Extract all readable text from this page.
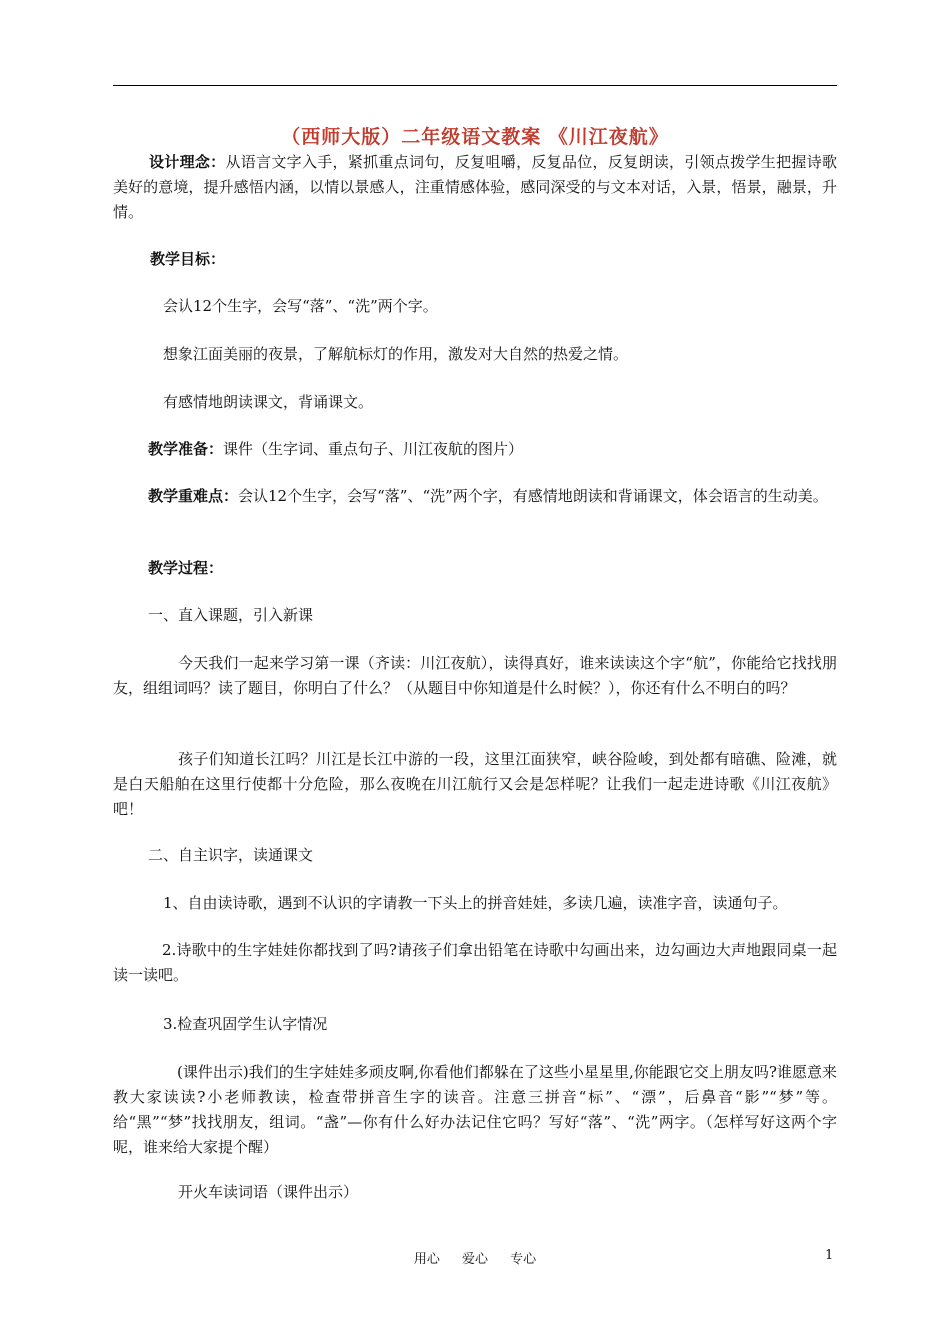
（西师大版）二年级语文教案 《川江夜航》

设计理念：从语言文字入手，紧抓重点词句，反复咀嚼，反复品位，反复朗读，引领点拨学生把握诗歌美好的意境，提升感悟内涵，以情以景感人，注重情感体验，感同深受的与文本对话，入景，悟景，融景，升情。

教学目标：

会认12个生字，会写“落”、“洗”两个字。

想象江面美丽的夜景，了解航标灯的作用，激发对大自然的热爱之情。

有感情地朗读课文，背诵课文。

教学准备：课件（生字词、重点句子、川江夜航的图片）

教学重难点：会认12个生字，会写“落”、“洗”两个字，有感情地朗读和背诵课文，体会语言的生动美。

教学过程：

一、直入课题，引入新课

今天我们一起来学习第一课（齐读：川江夜航），读得真好，谁来读读这个字“航”，你能给它找找朋友，组组词吗？读了题目，你明白了什么？（从题目中你知道是什么时候？），你还有什么不明白的吗？

孩子们知道长江吗？川江是长江中游的一段，这里江面狭窄，峡谷险峻，到处都有暗礁、险滩，就是白天船舶在这里行使都十分危险，那么夜晚在川江航行又会是怎样呢？让我们一起走进诗歌《川江夜航》吧！

二、自主识字，读通课文

1、自由读诗歌，遇到不认识的字请教一下头上的拼音娃娃，多读几遍，读准字音，读通句子。

2.诗歌中的生字娃娃你都找到了吗?请孩子们拿出铅笔在诗歌中勾画出来，边勾画边大声地跟同桌一起读一读吧。

3.检查巩固学生认字情况

(课件出示)我们的生字娃娃多顽皮啊,你看他们都躲在了这些小星星里,你能跟它交上朋友吗?谁愿意来教大家读读?小老师教读，检查带拼音生字的读音。注意三拼音“标”、“漂”，后鼻音“影”“梦”等。给“黑”“梦”找找朋友，组词。“盏”—你有什么好办法记住它吗？写好“落”、“洗”两字。（怎样写好这两个字呢，谁来给大家提个醒）

开火车读词语（课件出示）

用心 爱心 专心	1
